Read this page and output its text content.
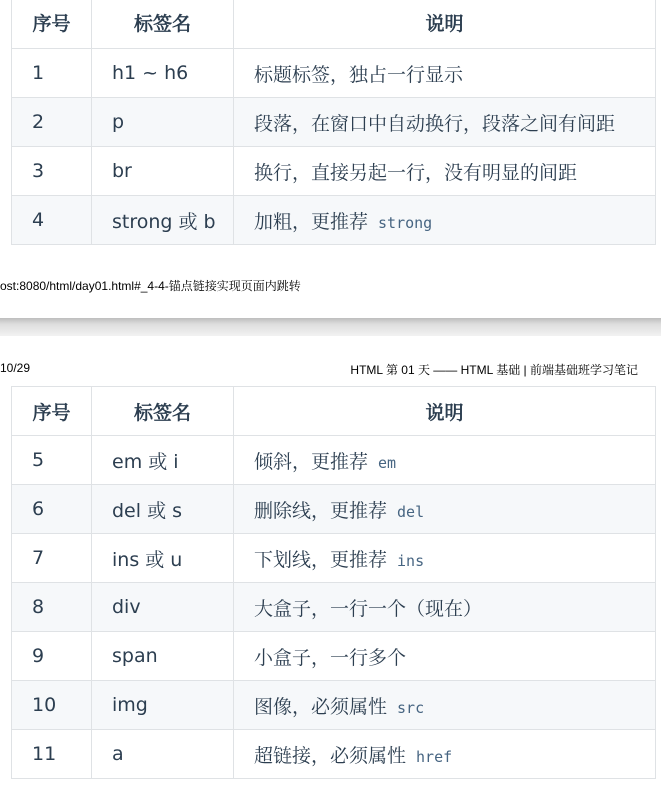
序号	标签名	说明
1	h1 ~ h6	标题标签，独占一行显示
2	p	段落，在窗口中自动换行，段落之间有间距
3	br	换行，直接另起一行，没有明显的间距
4	strong 或 b	加粗，更推荐 strong
ost:8080/html/day01.html#_4-4-锚点链接实现页面内跳转
10/29	HTML 第 01 天 —— HTML 基础 | 前端基础班学习笔记
序号	标签名	说明
5	em 或 i	倾斜，更推荐 em
6	del 或 s	删除线，更推荐 del
7	ins 或 u	下划线，更推荐 ins
8	div	大盒子，一行一个（现在）
9	span	小盒子，一行多个
10	img	图像，必须属性 src
11	a	超链接，必须属性 href
